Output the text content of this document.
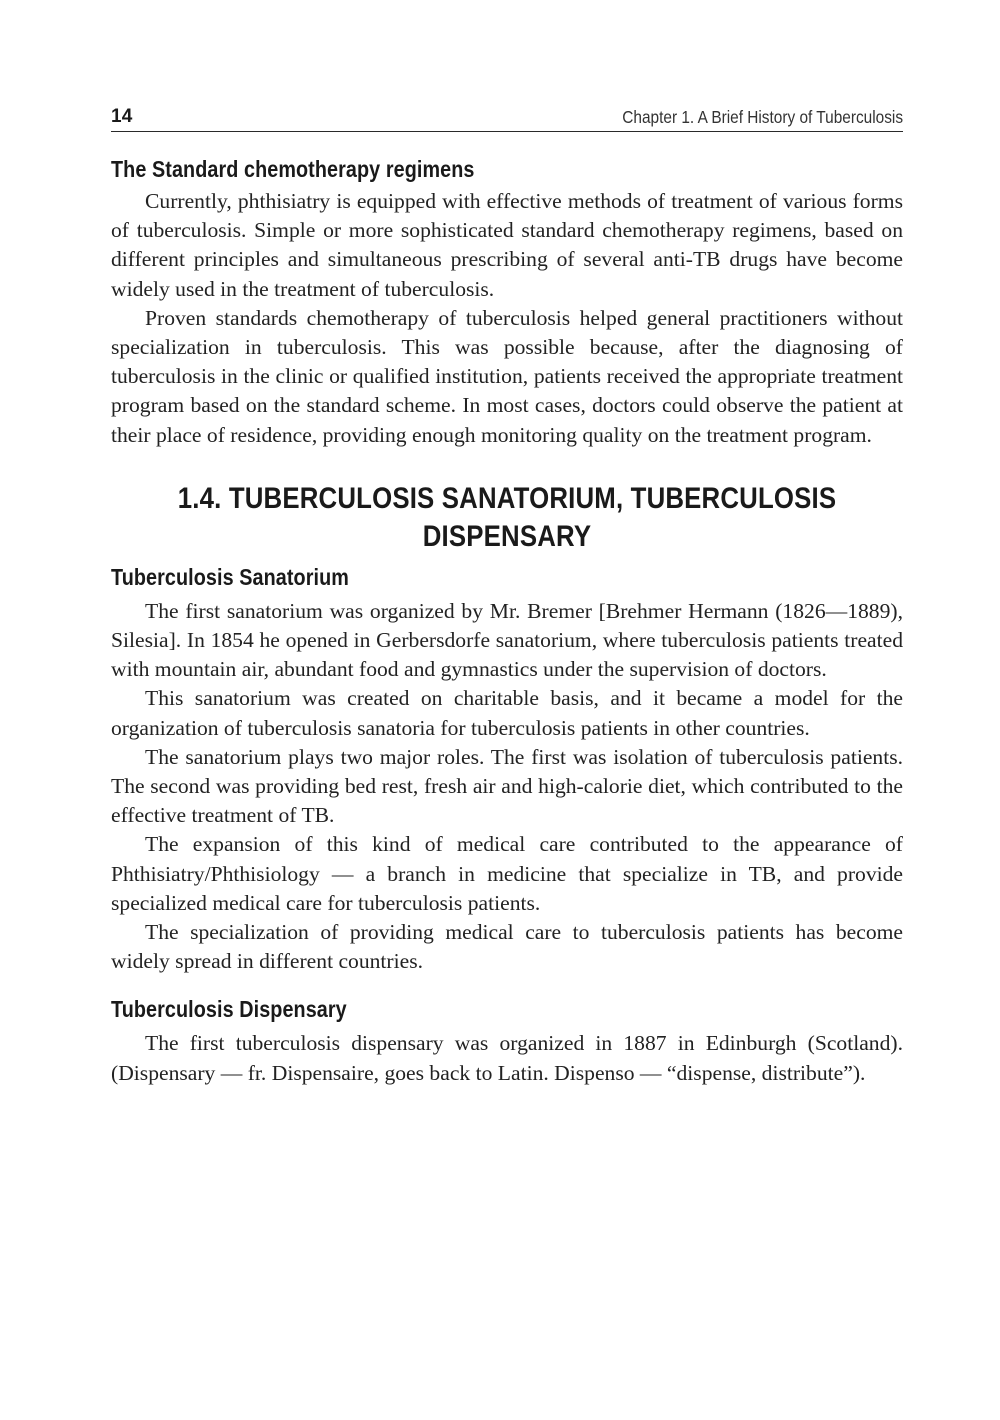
14	Chapter 1. A Brief History of Tuberculosis
The Standard chemotherapy regimens

Currently, phthisiatry is equipped with effective methods of treatment of various forms of tuberculosis. Simple or more sophisticated standard chemotherapy regimens, based on different principles and simultaneous prescribing of several anti-TB drugs have become widely used in the treatment of tuberculosis.

Proven standards chemotherapy of tuberculosis helped general practitioners without specialization in tuberculosis. This was possible because, after the diagnosing of tuberculosis in the clinic or qualified institution, patients received the appropriate treatment program based on the standard scheme. In most cases, doctors could observe the patient at their place of residence, providing enough monitoring quality on the treatment program.

1.4. TUBERCULOSIS SANATORIUM, TUBERCULOSIS DISPENSARY
Tuberculosis Sanatorium

The first sanatorium was organized by Mr. Bremer [Brehmer Hermann (1826—1889), Silesia]. In 1854 he opened in Gerbersdorfe sanatorium, where tuberculosis patients treated with mountain air, abundant food and gymnastics under the supervision of doctors.

This sanatorium was created on charitable basis, and it became a model for the organization of tuberculosis sanatoria for tuberculosis patients in other countries.

The sanatorium plays two major roles. The first was isolation of tuberculosis patients. The second was providing bed rest, fresh air and high-calorie diet, which contributed to the effective treatment of TB.

The expansion of this kind of medical care contributed to the appearance of Phthisiatry/Phthisiology — a branch in medicine that specialize in TB, and provide specialized medical care for tuberculosis patients.

The specialization of providing medical care to tuberculosis patients has become widely spread in different countries.

Tuberculosis Dispensary

The first tuberculosis dispensary was organized in 1887 in Edinburgh (Scotland). (Dispensary — fr. Dispensaire, goes back to Latin. Dispenso — “dispense, distribute”).
